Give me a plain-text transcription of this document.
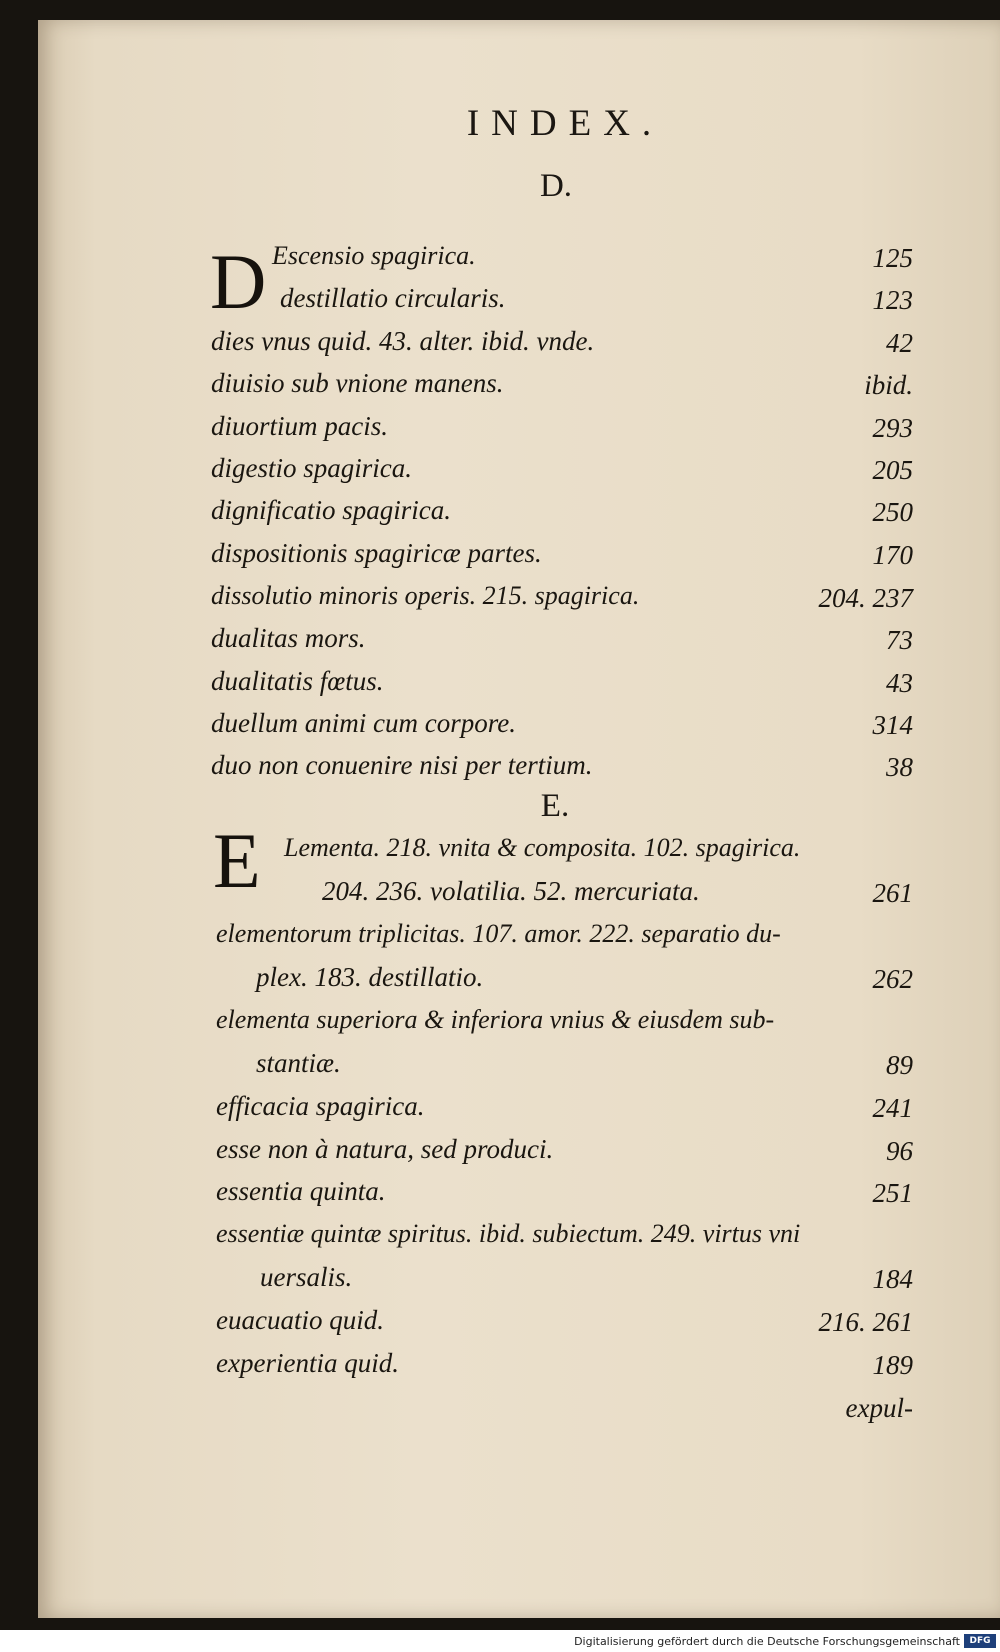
INDEX.
D.
D Escensio spagirica.	125
destillatio circularis.	123
dies vnus quid. 43. alter. ibid. vnde.	42
diuisio sub vnione manens.	ibid.
diuortium pacis.	293
digestio spagirica.	205
dignificatio spagirica.	250
dispositionis spagiricæ partes.	170
dissolutio minoris operis. 215. spagirica.	204. 237
dualitas mors.	73
dualitatis fœtus.	43
duellum animi cum corpore.	314
duo non conuenire nisi per tertium.	38
E.
E Lementa. 218. vnita & composita. 102. spagirica.
204. 236. volatilia. 52. mercuriata.	261
elementorum triplicitas. 107. amor. 222. separatio du-
plex. 183. destillatio.	262
elementa superiora & inferiora vnius & eiusdem sub-
stantiæ.	89
efficacia spagirica.	241
esse non à natura, sed produci.	96
essentia quinta.	251
essentiæ quintæ spiritus. ibid. subiectum. 249. virtus vni
uersalis.	184
euacuatio quid.	216. 261
experientia quid.	189
expul-
Digitalisierung gefördert durch die Deutsche Forschungsgemeinschaft	DFG
